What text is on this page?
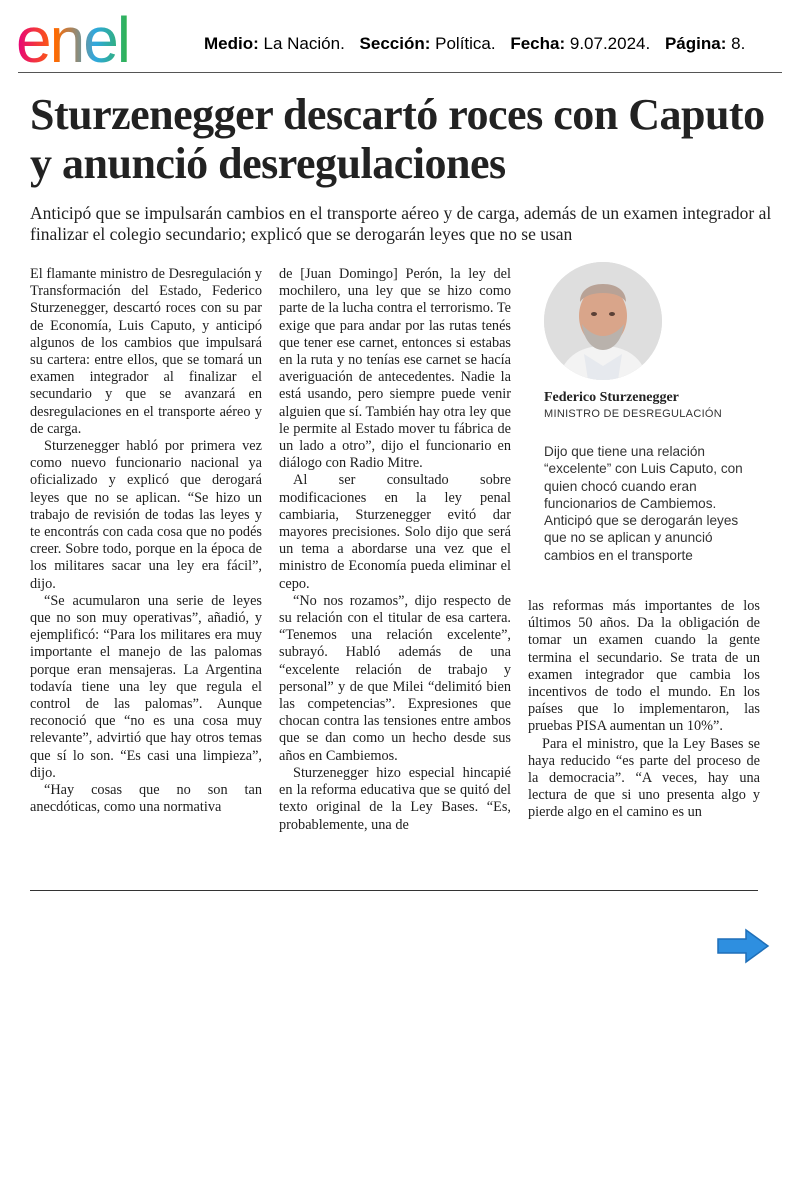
enel	Medio: La Nación. Sección: Política. Fecha: 9.07.2024. Página: 8.
Sturzenegger descartó roces con Caputo y anunció desregulaciones

Anticipó que se impulsarán cambios en el transporte aéreo y de carga, además de un examen integrador al finalizar el colegio secundario; explicó que se derogarán leyes que no se usan

El flamante ministro de Desregulación y Transformación del Estado, Federico Sturzenegger, descartó roces con su par de Economía, Luis Caputo, y anticipó algunos de los cambios que impulsará su cartera: entre ellos, que se tomará un examen integrador al finalizar el secundario y que se avanzará en desregulaciones en el transporte aéreo y de carga.

Sturzenegger habló por primera vez como nuevo funcionario nacional ya oficializado y explicó que derogará leyes que no se aplican. “Se hizo un trabajo de revisión de todas las leyes y te encontrás con cada cosa que no podés creer. Sobre todo, porque en la época de los militares sacar una ley era fácil”, dijo.

“Se acumularon una serie de leyes que no son muy operativas”, añadió, y ejemplificó: “Para los militares era muy importante el manejo de las palomas porque eran mensajeras. La Argentina todavía tiene una ley que regula el control de las palomas”. Aunque reconoció que “no es una cosa muy relevante”, advirtió que hay otros temas que sí lo son. “Es casi una limpieza”, dijo.

“Hay cosas que no son tan anecdóticas, como una normativa

de [Juan Domingo] Perón, la ley del mochilero, una ley que se hizo como parte de la lucha contra el terrorismo. Te exige que para andar por las rutas tenés que tener ese carnet, entonces si estabas en la ruta y no tenías ese carnet se hacía averiguación de antecedentes. Nadie la está usando, pero siempre puede venir alguien que sí. También hay otra ley que le permite al Estado mover tu fábrica de un lado a otro”, dijo el funcionario en diálogo con Radio Mitre.

Al ser consultado sobre modificaciones en la ley penal cambiaria, Sturzenegger evitó dar mayores precisiones. Solo dijo que será un tema a abordarse una vez que el ministro de Economía pueda eliminar el cepo.

“No nos rozamos”, dijo respecto de su relación con el titular de esa cartera. “Tenemos una relación excelente”, subrayó. Habló además de una “excelente relación de trabajo y personal” y de que Milei “delimitó bien las competencias”. Expresiones que chocan contra las tensiones entre ambos que se dan como un hecho desde sus años en Cambiemos.

Sturzenegger hizo especial hincapié en la reforma educativa que se quitó del texto original de la Ley Bases. “Es, probablemente, una de

Federico Sturzenegger
MINISTRO DE DESREGULACIÓN
Dijo que tiene una relación “excelente” con Luis Caputo, con quien chocó cuando eran funcionarios de Cambiemos. Anticipó que se derogarán leyes que no se aplican y anunció cambios en el transporte

las reformas más importantes de los últimos 50 años. Da la obligación de tomar un examen cuando la gente termina el secundario. Se trata de un examen integrador que cambia los incentivos de todo el mundo. En los países que lo implementaron, las pruebas PISA aumentan un 10%”.

Para el ministro, que la Ley Bases se haya reducido “es parte del proceso de la democracia”. “A veces, hay una lectura de que si uno presenta algo y pierde algo en el camino es un
